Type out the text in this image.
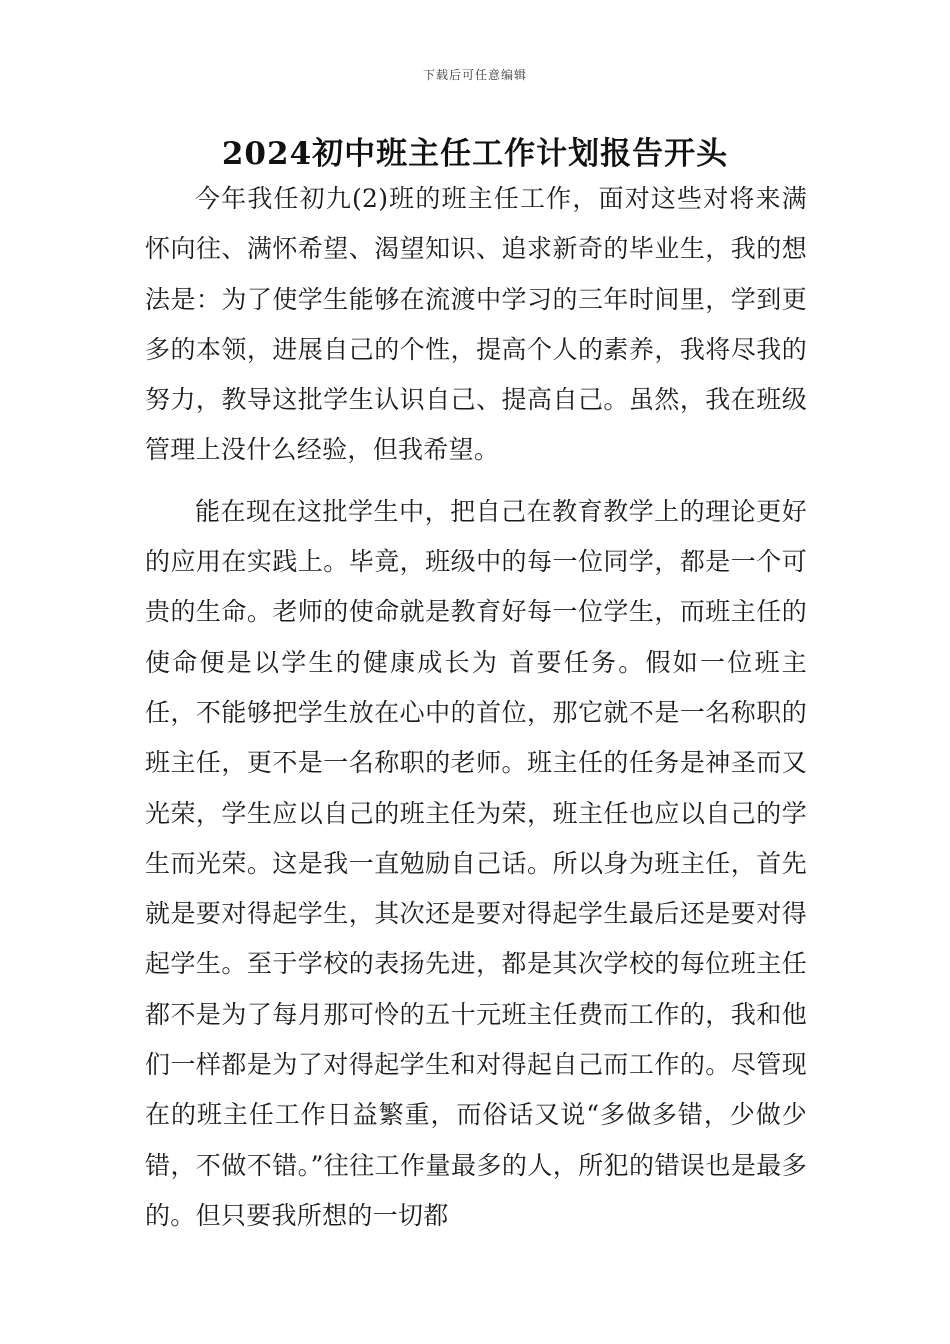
下载后可任意编辑
2024初中班主任工作计划报告开头

今年我任初九(2)班的班主任工作，面对这些对将来满怀向往、满怀希望、渴望知识、追求新奇的毕业生，我的想法是：为了使学生能够在流渡中学习的三年时间里，学到更多的本领，进展自己的个性，提高个人的素养，我将尽我的努力，教导这批学生认识自己、提高自己。虽然，我在班级管理上没什么经验，但我希望。

能在现在这批学生中，把自己在教育教学上的理论更好的应用在实践上。毕竟，班级中的每一位同学，都是一个可贵的生命。老师的使命就是教育好每一位学生，而班主任的使命便是以学生的健康成长为 首要任务。假如一位班主任，不能够把学生放在心中的首位，那它就不是一名称职的班主任，更不是一名称职的老师。班主任的任务是神圣而又光荣，学生应以自己的班主任为荣，班主任也应以自己的学生而光荣。这是我一直勉励自己话。所以身为班主任，首先就是要对得起学生，其次还是要对得起学生最后还是要对得起学生。至于学校的表扬先进，都是其次学校的每位班主任都不是为了每月那可怜的五十元班主任费而工作的，我和他们一样都是为了对得起学生和对得起自己而工作的。尽管现在的班主任工作日益繁重，而俗话又说“多做多错，少做少错，不做不错。”往往工作量最多的人，所犯的错误也是最多的。但只要我所想的一切都
